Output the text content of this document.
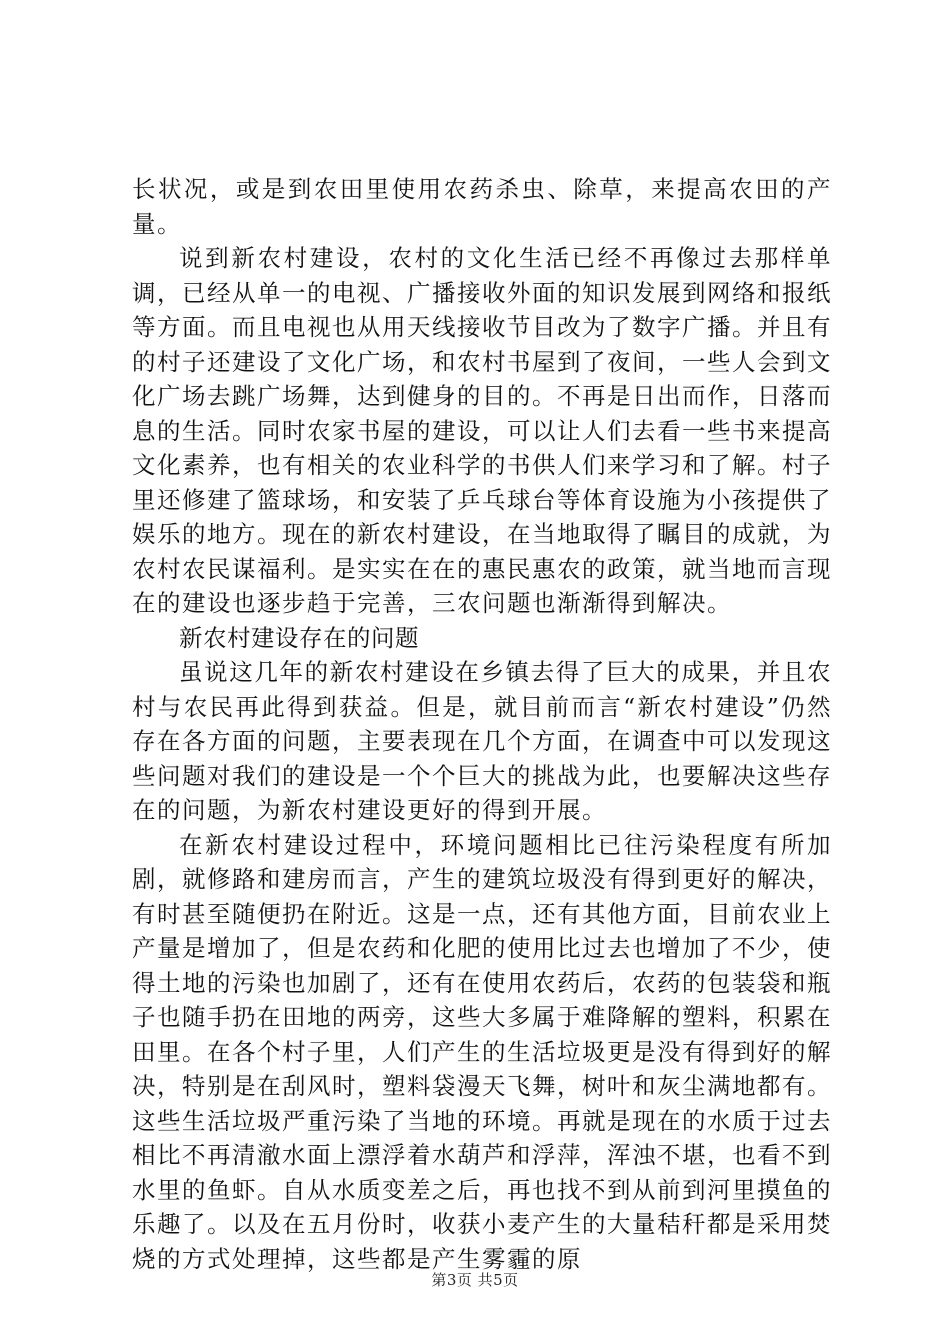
长状况，或是到农田里使用农药杀虫、除草，来提高农田的产量。

说到新农村建设，农村的文化生活已经不再像过去那样单调，已经从单一的电视、广播接收外面的知识发展到网络和报纸等方面。而且电视也从用天线接收节目改为了数字广播。并且有的村子还建设了文化广场，和农村书屋到了夜间，一些人会到文化广场去跳广场舞，达到健身的目的。不再是日出而作，日落而息的生活。同时农家书屋的建设，可以让人们去看一些书来提高文化素养，也有相关的农业科学的书供人们来学习和了解。村子里还修建了篮球场，和安装了乒乓球台等体育设施为小孩提供了娱乐的地方。现在的新农村建设，在当地取得了瞩目的成就，为农村农民谋福利。是实实在在的惠民惠农的政策，就当地而言现在的建设也逐步趋于完善，三农问题也渐渐得到解决。

新农村建设存在的问题

虽说这几年的新农村建设在乡镇去得了巨大的成果，并且农村与农民再此得到获益。但是，就目前而言“新农村建设”仍然存在各方面的问题，主要表现在几个方面，在调查中可以发现这些问题对我们的建设是一个个巨大的挑战为此，也要解决这些存在的问题，为新农村建设更好的得到开展。

在新农村建设过程中，环境问题相比已往污染程度有所加剧，就修路和建房而言，产生的建筑垃圾没有得到更好的解决，有时甚至随便扔在附近。这是一点，还有其他方面，目前农业上产量是增加了，但是农药和化肥的使用比过去也增加了不少，使得土地的污染也加剧了，还有在使用农药后，农药的包装袋和瓶子也随手扔在田地的两旁，这些大多属于难降解的塑料，积累在田里。在各个村子里，人们产生的生活垃圾更是没有得到好的解决，特别是在刮风时，塑料袋漫天飞舞，树叶和灰尘满地都有。这些生活垃圾严重污染了当地的环境。再就是现在的水质于过去相比不再清澈水面上漂浮着水葫芦和浮萍，浑浊不堪，也看不到水里的鱼虾。自从水质变差之后，再也找不到从前到河里摸鱼的乐趣了。以及在五月份时，收获小麦产生的大量秸秆都是采用焚烧的方式处理掉，这些都是产生雾霾的原

第3页 共5页
